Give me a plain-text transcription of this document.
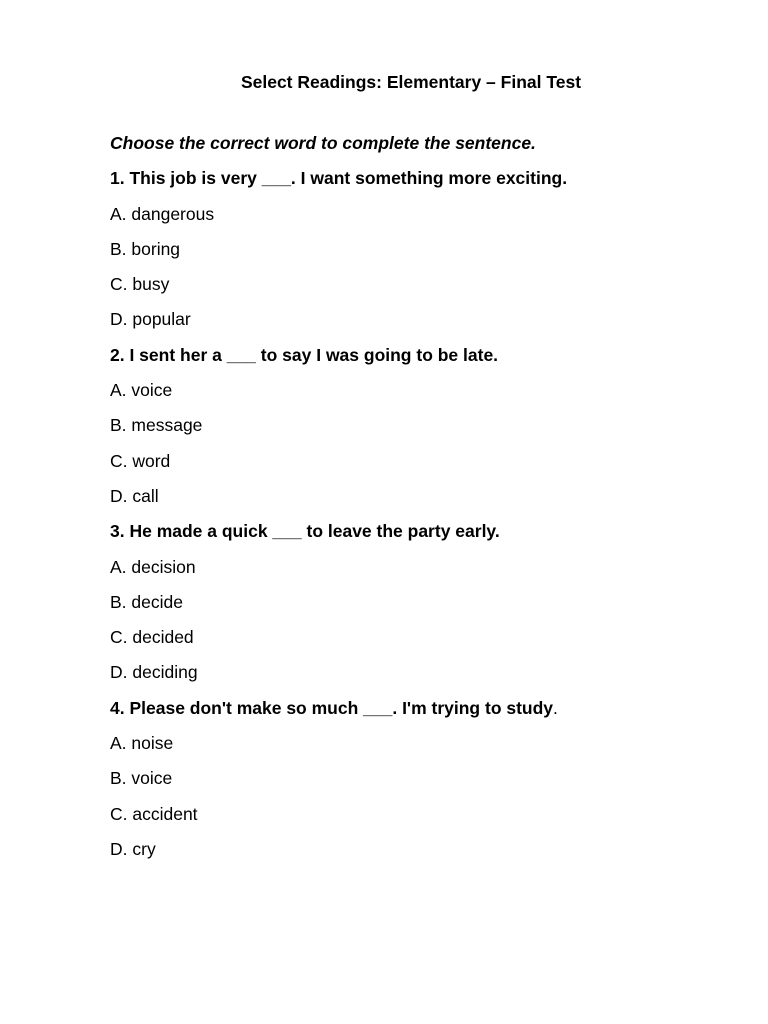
Select Readings: Elementary – Final Test
Choose the correct word to complete the sentence.
1. This job is very ___. I want something more exciting.
A. dangerous
B. boring
C. busy
D. popular
2. I sent her a ___ to say I was going to be late.
A. voice
B. message
C. word
D. call
3. He made a quick ___ to leave the party early.
A. decision
B. decide
C. decided
D. deciding
4. Please don't make so much ___. I'm trying to study.
A. noise
B. voice
C. accident
D. cry
